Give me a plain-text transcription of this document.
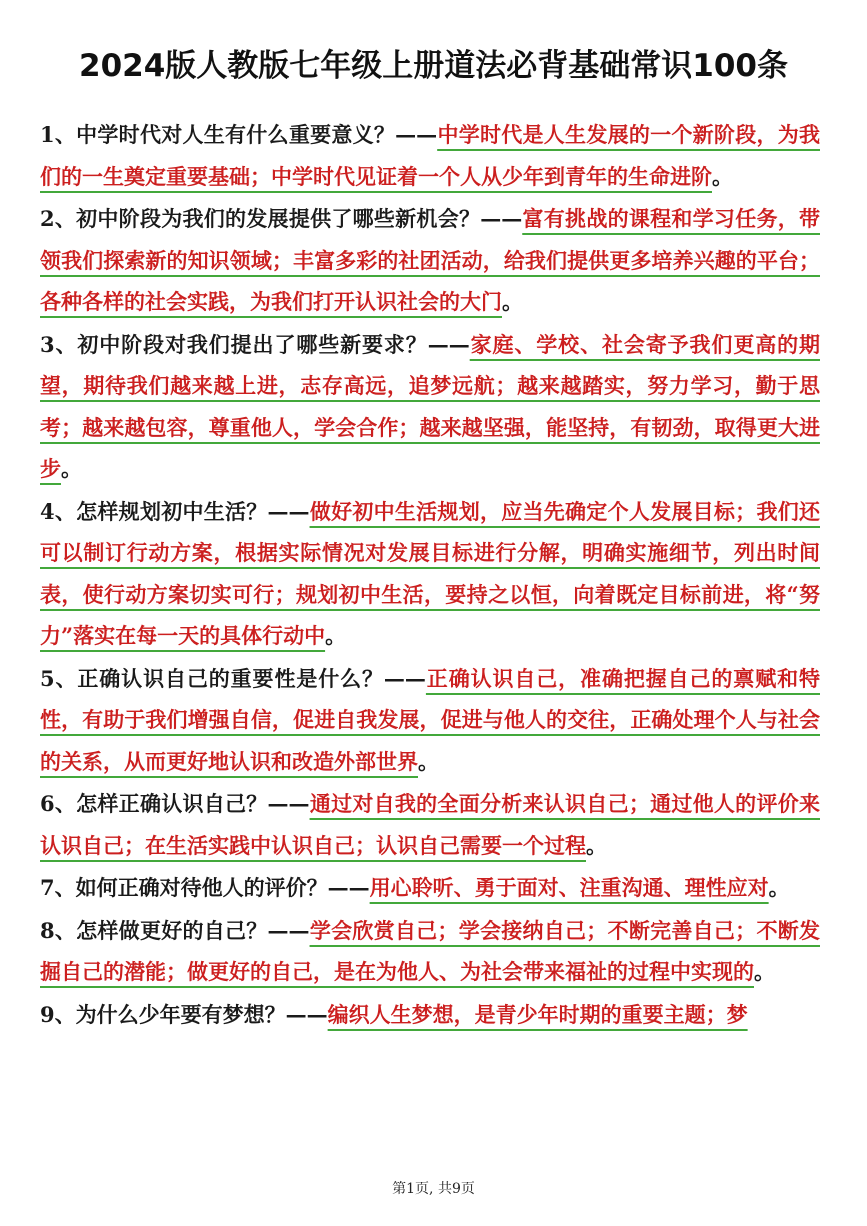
2024版人教版七年级上册道法必背基础常识100条

1、中学时代对人生有什么重要意义？——中学时代是人生发展的一个新阶段，为我们的一生奠定重要基础；中学时代见证着一个人从少年到青年的生命进阶。

2、初中阶段为我们的发展提供了哪些新机会？——富有挑战的课程和学习任务，带领我们探索新的知识领域；丰富多彩的社团活动，给我们提供更多培养兴趣的平台；各种各样的社会实践，为我们打开认识社会的大门。

3、初中阶段对我们提出了哪些新要求？——家庭、学校、社会寄予我们更高的期望，期待我们越来越上进，志存高远，追梦远航；越来越踏实，努力学习，勤于思考；越来越包容，尊重他人，学会合作；越来越坚强，能坚持，有韧劲，取得更大进步。

4、怎样规划初中生活？——做好初中生活规划，应当先确定个人发展目标；我们还可以制订行动方案，根据实际情况对发展目标进行分解，明确实施细节，列出时间表，使行动方案切实可行；规划初中生活，要持之以恒，向着既定目标前进，将“努力”落实在每一天的具体行动中。

5、正确认识自己的重要性是什么？——正确认识自己，准确把握自己的禀赋和特性，有助于我们增强自信，促进自我发展，促进与他人的交往，正确处理个人与社会的关系，从而更好地认识和改造外部世界。

6、怎样正确认识自己？——通过对自我的全面分析来认识自己；通过他人的评价来认识自己；在生活实践中认识自己；认识自己需要一个过程。

7、如何正确对待他人的评价？——用心聆听、勇于面对、注重沟通、理性应对。

8、怎样做更好的自己？——学会欣赏自己；学会接纳自己；不断完善自己；不断发掘自己的潜能；做更好的自己，是在为他人、为社会带来福祉的过程中实现的。

9、为什么少年要有梦想？——编织人生梦想，是青少年时期的重要主题；梦

第1页, 共9页
